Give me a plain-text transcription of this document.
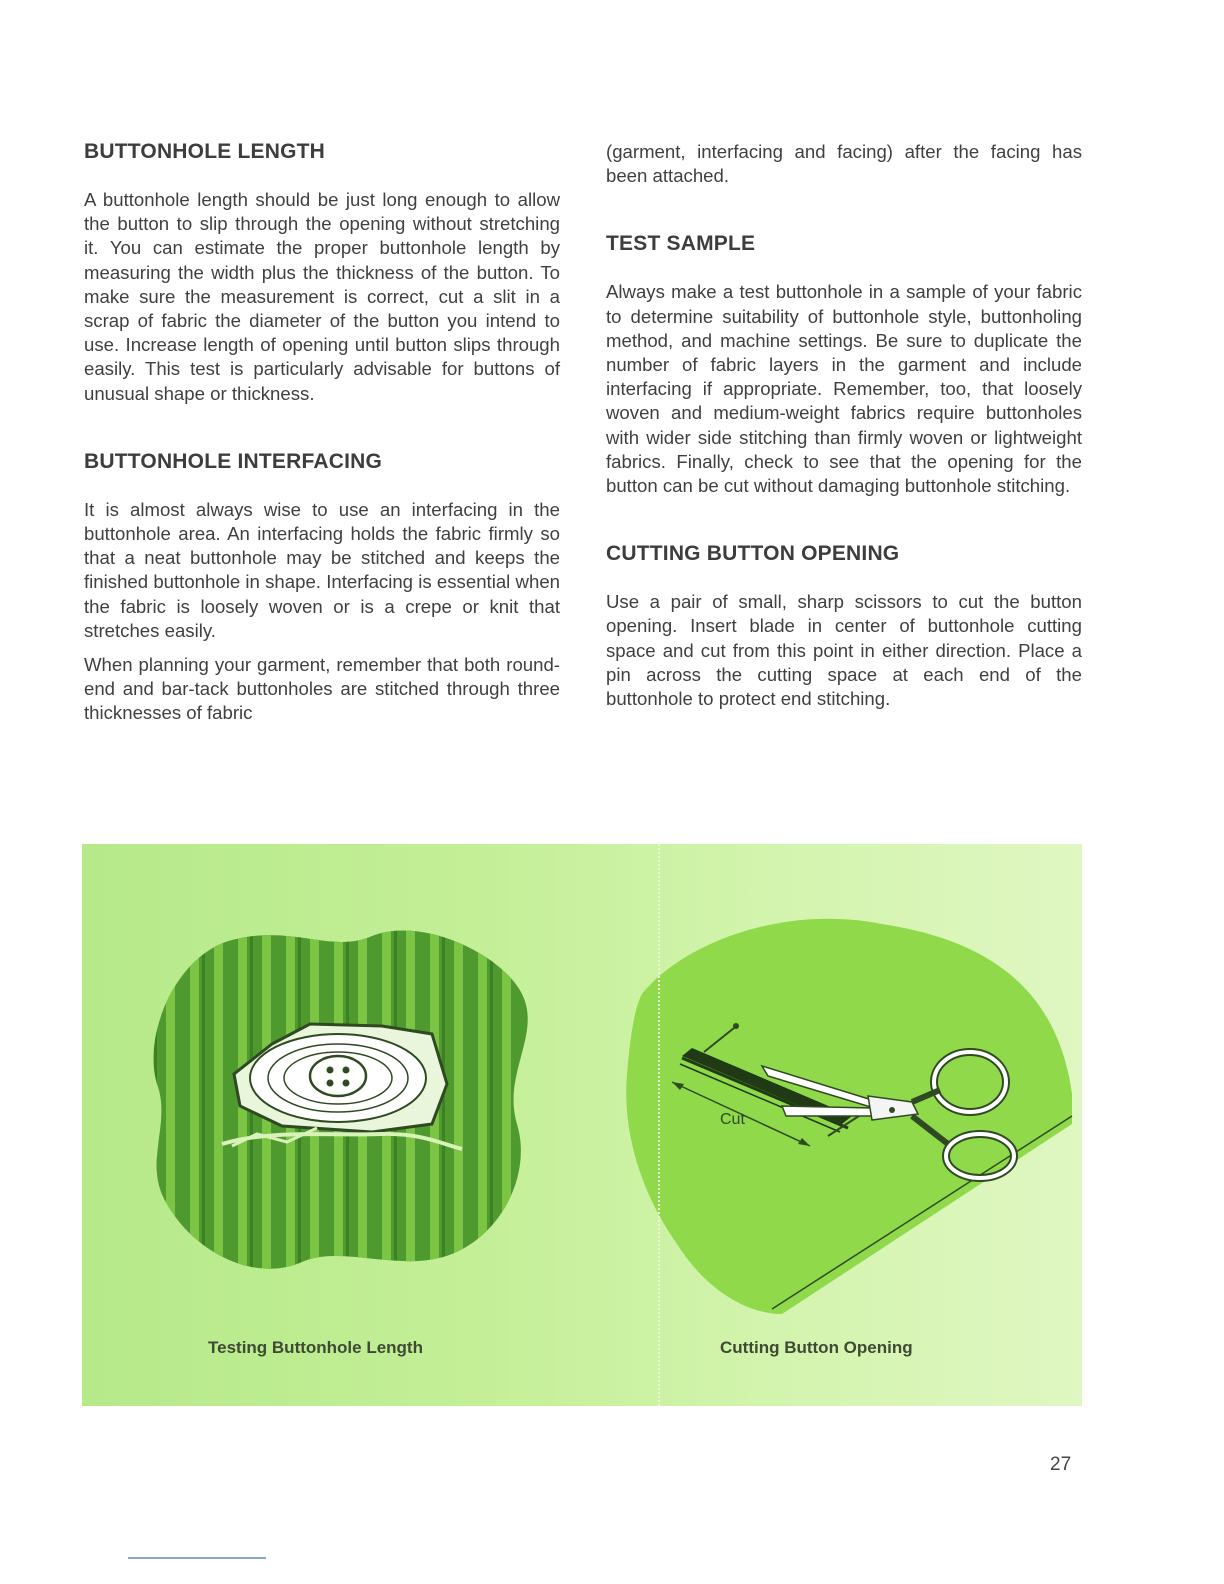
BUTTONHOLE LENGTH

A buttonhole length should be just long enough to allow the button to slip through the opening without stretching it. You can estimate the proper buttonhole length by measuring the width plus the thickness of the button. To make sure the measurement is correct, cut a slit in a scrap of fabric the diameter of the button you intend to use. Increase length of opening until button slips through easily. This test is particularly advisable for buttons of unusual shape or thickness.

BUTTONHOLE INTERFACING

It is almost always wise to use an interfacing in the buttonhole area. An interfacing holds the fabric firmly so that a neat buttonhole may be stitched and keeps the finished buttonhole in shape. Interfacing is essential when the fabric is loosely woven or is a crepe or knit that stretches easily.

When planning your garment, remember that both round-end and bar-tack buttonholes are stitched through three thicknesses of fabric

(garment, interfacing and facing) after the facing has been attached.

TEST SAMPLE

Always make a test buttonhole in a sample of your fabric to determine suitability of buttonhole style, buttonholing method, and machine settings. Be sure to duplicate the number of fabric layers in the garment and include interfacing if appropriate. Remember, too, that loosely woven and medium-weight fabrics require buttonholes with wider side stitching than firmly woven or lightweight fabrics. Finally, check to see that the opening for the button can be cut without damaging buttonhole stitching.

CUTTING BUTTON OPENING

Use a pair of small, sharp scissors to cut the button opening. Insert blade in center of buttonhole cutting space and cut from this point in either direction. Place a pin across the cutting space at each end of the buttonhole to protect end stitching.

Cut
Testing Buttonhole Length	Cutting Button Opening
27
